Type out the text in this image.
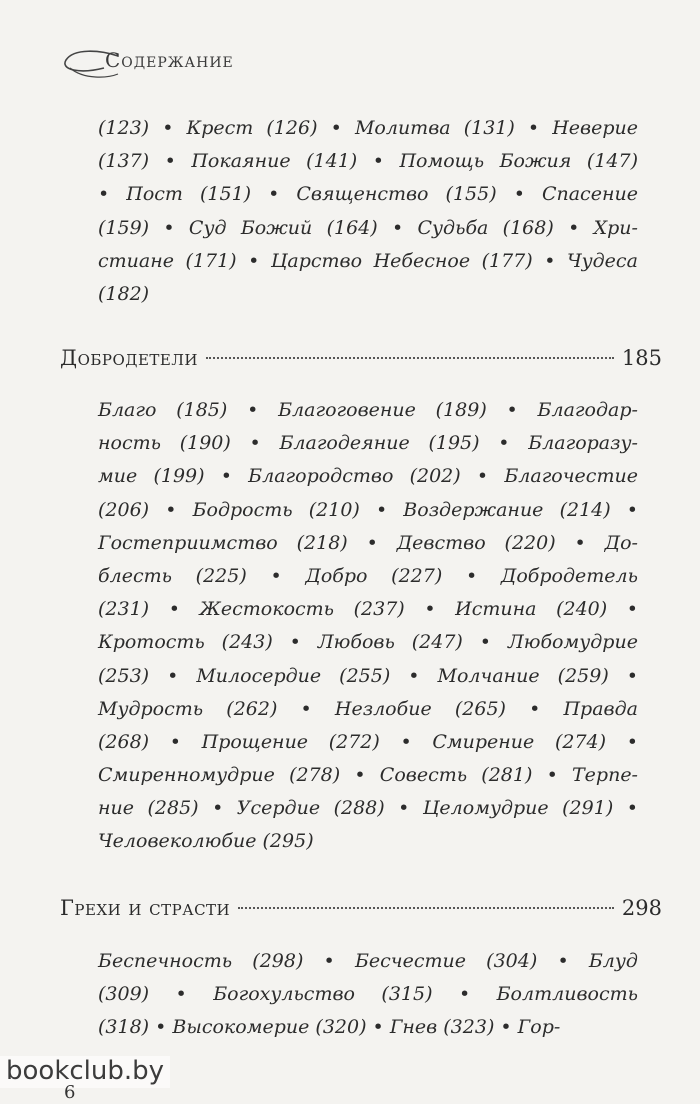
Содержание
(123) • Крест (126) • Молитва (131) • Неверие
(137) • Покаяние (141) • Помощь Божия (147)
• Пост (151) • Священство (155) • Спасение
(159) • Суд Божий (164) • Судьба (168) • Хри-
стиане (171) • Царство Небесное (177) • Чудеса
(182)
Добродетели	185
Благо (185) • Благоговение (189) • Благодар-
ность (190) • Благодеяние (195) • Благоразу-
мие (199) • Благородство (202) • Благочестие
(206) • Бодрость (210) • Воздержание (214) •
Гостеприимство (218) • Девство (220) • До-
блесть (225) • Добро (227) • Добродетель
(231) • Жестокость (237) • Истина (240) •
Кротость (243) • Любовь (247) • Любомудрие
(253) • Милосердие (255) • Молчание (259) •
Мудрость (262) • Незлобие (265) • Правда
(268) • Прощение (272) • Смирение (274) •
Смиренномудрие (278) • Совесть (281) • Терпе-
ние (285) • Усердие (288) • Целомудрие (291) •
Человеколюбие (295)
Грехи и страсти	298
Беспечность (298) • Бесчестие (304) • Блуд
(309) • Богохульство (315) • Болтливость
(318) • Высокомерие (320) • Гнев (323) • Гор-
bookclub.by
6
